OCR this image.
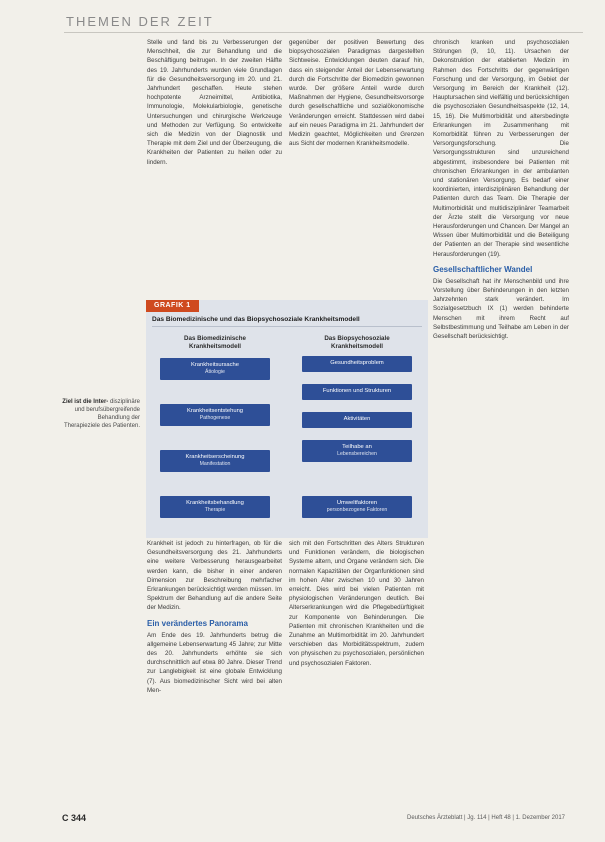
THEMEN DER ZEIT

Stelle und fand bis zu Verbesserungen der Menschheit, die zur Behandlung und die Beschäftigung beitrugen. In der zweiten Hälfte des 19. Jahrhunderts wurden viele Grundlagen für die Gesundheitsversorgung im 20. und 21. Jahrhundert geschaffen. Heute stehen hochpotente Arzneimittel, Antibiotika, Immunologie, Molekularbiologie, genetische Untersuchungen und chirurgische Werkzeuge und Methoden zur Verfügung. So entwickelte sich die Medizin von der Diagnostik und Therapie mit dem Ziel und der Überzeugung, die Krankheiten der Patienten zu heilen oder zu lindern.

gegenüber der positiven Bewertung des biopsychosozialen Paradigmas dargestellten Sichtweise. Entwicklungen deuten darauf hin, dass ein steigender Anteil der Lebenserwartung durch die Fortschritte der Biomedizin gewonnen wurde. Der größere Anteil wurde durch Maßnahmen der Hygiene, Gesundheitsvorsorge durch gesellschaftliche und sozialökonomische Veränderungen erreicht. Stattdessen wird dabei auf ein neues Paradigma im 21. Jahrhundert der Medizin geachtet, Möglichkeiten und Grenzen aus Sicht der modernen Krankheitsmodelle.

chronisch kranken und psychosozialen Störungen (9, 10, 11). Ursachen der Dekonstruktion der etablierten Medizin im Rahmen des Fortschritts der gegenwärtigen Forschung und der Versorgung, im Gebiet der Versorgung im Bereich der Krankheit (12). Hauptursachen sind vielfältig und berücksichtigen die psychosozialen Gesundheitsaspekte (12, 14, 15, 16). Die Multimorbidität und altersbedingte Erkrankungen im Zusammenhang mit Komorbidität führen zu Verbesserungen der Versorgungsforschung. Die Versorgungsstrukturen sind unzureichend abgestimmt, insbesondere bei Patienten mit chronischen Erkrankungen in der ambulanten und stationären Versorgung. Es bedarf einer koordinierten, interdisziplinären Behandlung der Patienten durch das Team. Die Therapie der Multimorbidität und multidisziplinärer Teamarbeit der Ärzte stellt die Versorgung vor neue Herausforderungen und Chancen. Der Mangel an Wissen über Multimorbidität und die Beteiligung der Patienten an der Therapie sind wesentliche Herausforderungen (19).

Gesellschaftlicher Wandel

Die Gesellschaft hat ihr Menschenbild und ihre Vorstellung über Behinderungen in den letzten Jahrzehnten stark verändert. Im Sozialgesetzbuch IX (1) werden behinderte Menschen mit ihrem Recht auf Selbstbestimmung und Teilhabe am Leben in der Gesellschaft berücksichtigt.

Ziel ist die Inter- disziplinäre und berufsübergreifende Behandlung der Therapieziele des Patienten.
GRAFIK 1
Das Biomedizinische und das Biopsychosoziale Krankheitsmodell
Das Biomedizinische
Krankheitsmodell
Das Biopsychosoziale
Krankheitsmodell
Krankheitsursache
Ätiologie
Krankheitsentstehung
Pathogenese
Krankheitserscheinung
Manifestation
Krankheitsbehandlung
Therapie
Gesundheitsproblem
Funktionen und Strukturen
Aktivitäten
Teilhabe an
Lebensbereichen
Umweltfaktoren
personbezogene Faktoren

Krankheit ist jedoch zu hinterfragen, ob für die Gesundheitsversorgung des 21. Jahrhunderts eine weitere Verbesserung herausgearbeitet werden kann, die bisher in einer anderen Dimension zur Beschreibung mehrfacher Erkrankungen berücksichtigt werden müssen. Im Spektrum der Behandlung auf die andere Seite der Medizin.

Ein verändertes Panorama

Am Ende des 19. Jahrhunderts betrug die allgemeine Lebenserwartung 45 Jahre; zur Mitte des 20. Jahrhunderts erhöhte sie sich durchschnittlich auf etwa 80 Jahre. Dieser Trend zur Langlebigkeit ist eine globale Entwicklung (7). Aus biomedizinischer Sicht wird bei alten Men-

sich mit den Fortschritten des Alters Strukturen und Funktionen verändern, die biologischen Systeme altern, und Organe verändern sich. Die normalen Kapazitäten der Organfunktionen sind im hohen Alter zwischen 10 und 30 Jahren erreicht. Dies wird bei vielen Patienten mit physiologischen Veränderungen deutlich. Bei Alterserkrankungen wird die Pflegebedürftigkeit zur Komponente von Behinderungen. Die Patienten mit chronischen Krankheiten und die Zunahme an Multimorbidität im 20. Jahrhundert verschieben das Morbiditätsspektrum, zudem von physischen zu psychosozialen, persönlichen und psychosozialen Faktoren.

C 344	Deutsches Ärzteblatt | Jg. 114 | Heft 48 | 1. Dezember 2017
